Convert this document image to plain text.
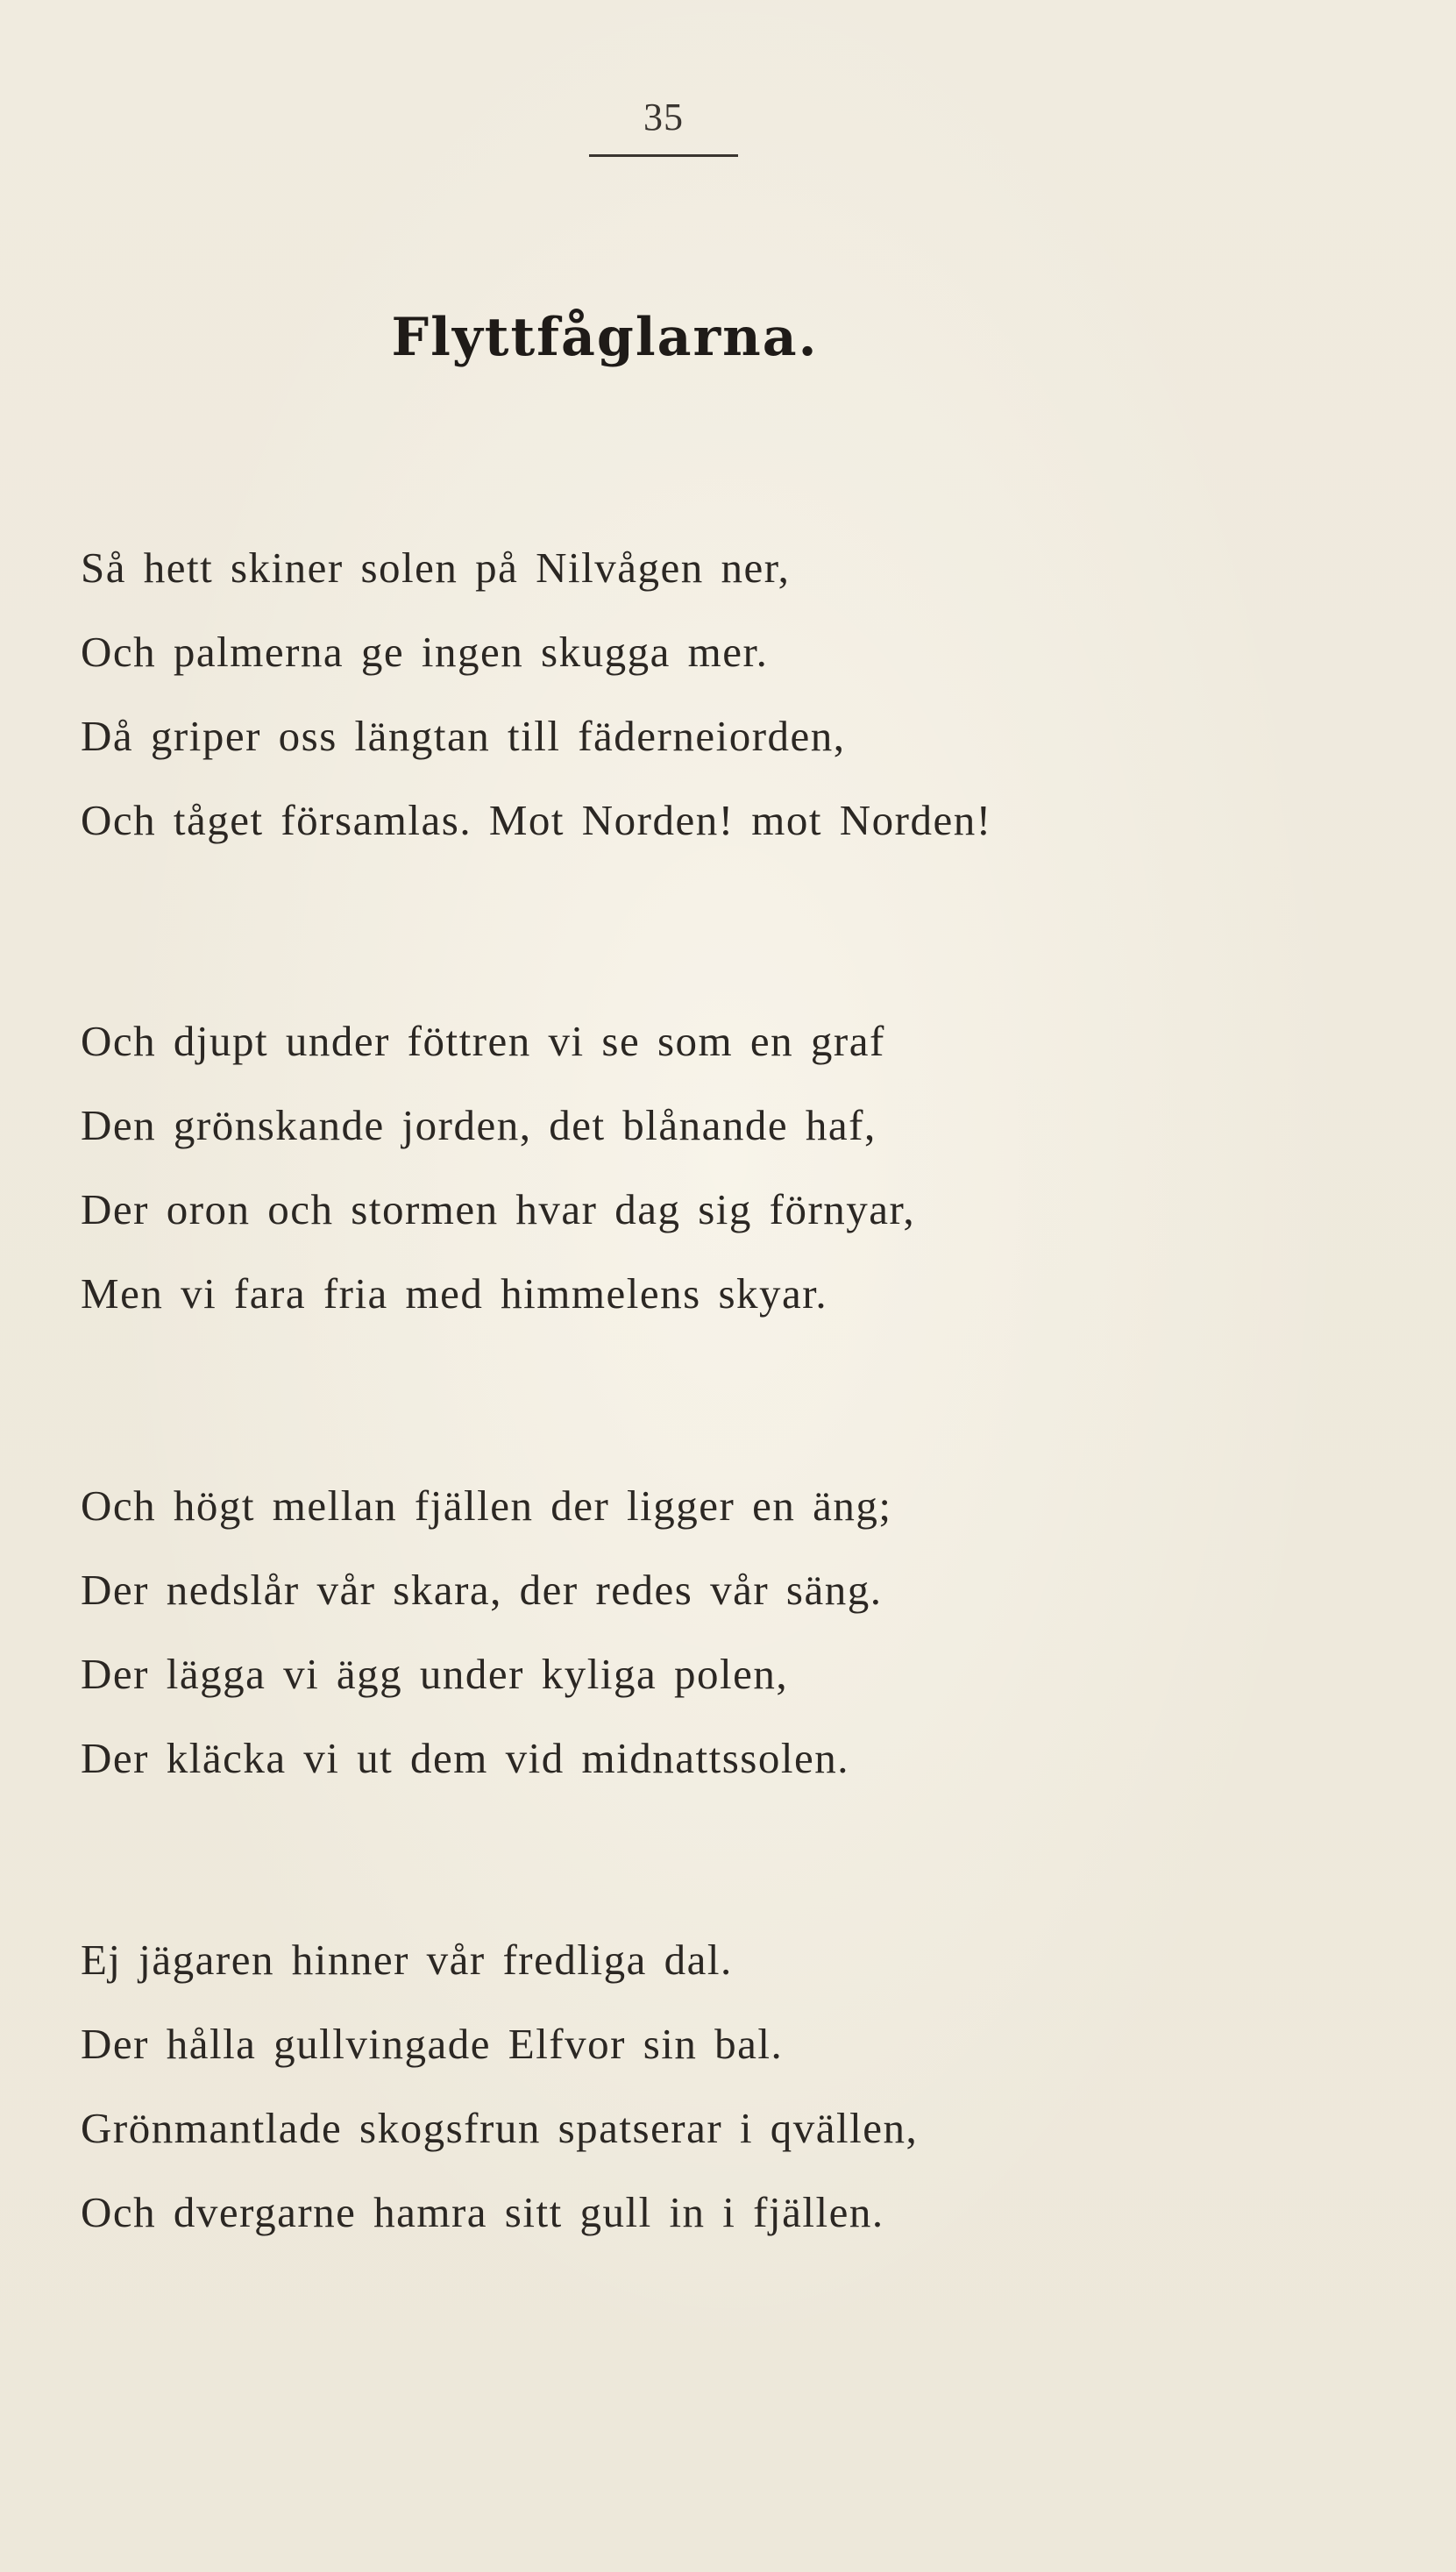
35
Flyttfåglarna.
Så hett skiner solen på Nilvågen ner,
Och palmerna ge ingen skugga mer.
Då griper oss längtan till fäderneiorden,
Och tåget församlas. Mot Norden! mot Norden!
Och djupt under föttren vi se som en graf
Den grönskande jorden, det blånande haf,
Der oron och stormen hvar dag sig förnyar,
Men vi fara fria med himmelens skyar.
Och högt mellan fjällen der ligger en äng;
Der nedslår vår skara, der redes vår säng.
Der lägga vi ägg under kyliga polen,
Der kläcka vi ut dem vid midnattssolen.
Ej jägaren hinner vår fredliga dal.
Der hålla gullvingade Elfvor sin bal.
Grönmantlade skogsfrun spatserar i qvällen,
Och dvergarne hamra sitt gull in i fjällen.
